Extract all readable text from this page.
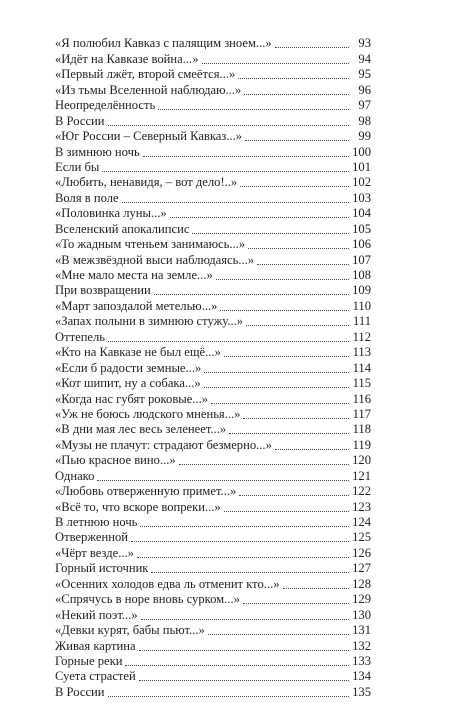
«Я полюбил Кавказ с палящим зноем...»	93
«Идёт на Кавказе война...»	94
«Первый лжёт, второй смеётся...»	95
«Из тьмы Вселенной наблюдаю...»	96
Неопределённость	97
В России	98
«Юг России – Северный Кавказ...»	99
В зимнюю ночь	100
Если бы	101
«Любить, ненавидя, – вот дело!..»	102
Воля в поле	103
«Половинка луны...»	104
Вселенский апокалипсис	105
«То жадным чтеньем занимаюсь...»	106
«В межзвёздной выси наблюдаясь...»	107
«Мне мало места на земле...»	108
При возвращении	109
«Март запоздалой метелью...»	110
«Запах полыни в зимнюю стужу...»	111
Оттепель	112
«Кто на Кавказе не был ещё...»	113
«Если б радости земные...»	114
«Кот шипит, ну а собака...»	115
«Когда нас губят роковые...»	116
«Уж не боюсь людского мненья...»	117
«В дни мая лес весь зеленеет...»	118
«Музы не плачут: страдают безмерно...»	119
«Пью красное вино...»	120
Однако	121
«Любовь отверженную примет...»	122
«Всё то, что вскоре вопреки...»	123
В летнюю ночь	124
Отверженной	125
«Чёрт везде...»	126
Горный источник	127
«Осенних холодов едва ль отменит кто...»	128
«Спрячусь в норе вновь сурком...»	129
«Некий поэт...»	130
«Девки курят, бабы пьют...»	131
Живая картина	132
Горные реки	133
Суета страстей	134
В России	135
